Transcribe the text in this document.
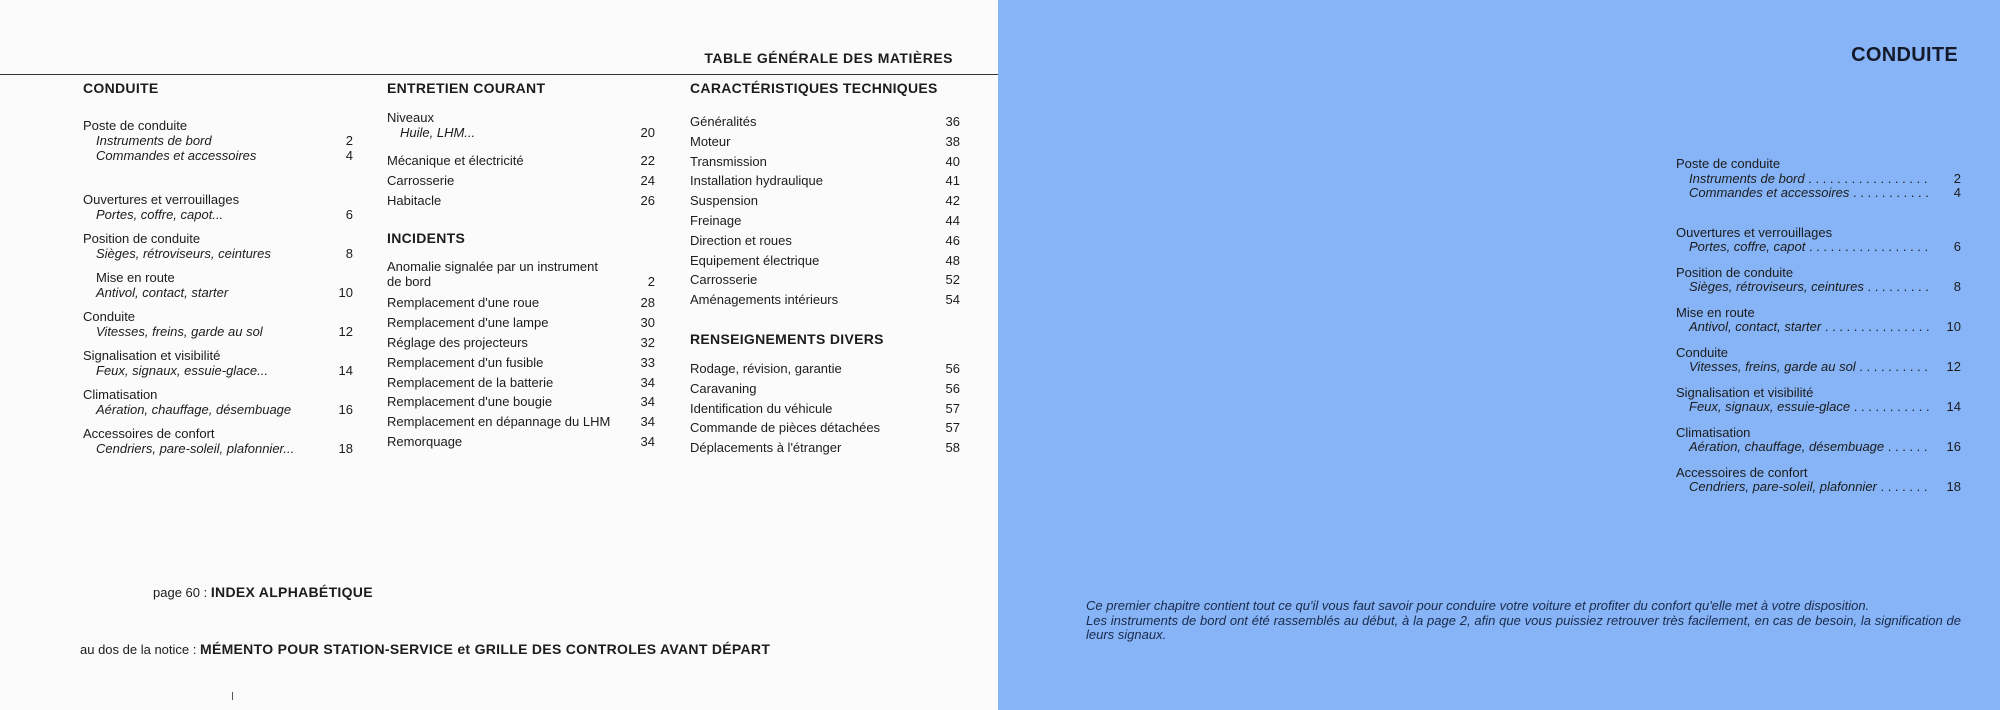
TABLE GÉNÉRALE DES MATIÈRES
CONDUITE
Poste de conduite
Instruments de bord	2
Commandes et accessoires	4
Ouvertures et verrouillages
Portes, coffre, capot...	6
Position de conduite
Sièges, rétroviseurs, ceintures	8
Mise en route
Antivol, contact, starter	10
Conduite
Vitesses, freins, garde au sol	12
Signalisation et visibilité
Feux, signaux, essuie-glace...	14
Climatisation
Aération, chauffage, désembuage	16
Accessoires de confort
Cendriers, pare-soleil, plafonnier...	18
ENTRETIEN COURANT
Niveaux
Huile, LHM...	20
Mécanique et électricité	22
Carrosserie	24
Habitacle	26
INCIDENTS
Anomalie signalée par un instrument
de bord	2
Remplacement d'une roue	28
Remplacement d'une lampe	30
Réglage des projecteurs	32
Remplacement d'un fusible	33
Remplacement de la batterie	34
Remplacement d'une bougie	34
Remplacement en dépannage du LHM	34
Remorquage	34
CARACTÉRISTIQUES TECHNIQUES
Généralités	36
Moteur	38
Transmission	40
Installation hydraulique	41
Suspension	42
Freinage	44
Direction et roues	46
Equipement électrique	48
Carrosserie	52
Aménagements intérieurs	54
RENSEIGNEMENTS DIVERS
Rodage, révision, garantie	56
Caravaning	56
Identification du véhicule	57
Commande de pièces détachées	57
Déplacements à l'étranger	58
page 60 : INDEX ALPHABÉTIQUE
au dos de la notice : MÉMENTO POUR STATION-SERVICE et GRILLE DES CONTROLES AVANT DÉPART
CONDUITE
Poste de conduite
Instruments de bord . . .	2
Commandes et accessoires . . .	4
Ouvertures et verrouillages
Portes, coffre, capot . . .	6
Position de conduite
Sièges, rétroviseurs, ceintures . . .	8
Mise en route
Antivol, contact, starter . . .	10
Conduite
Vitesses, freins, garde au sol . . .	12
Signalisation et visibilité
Feux, signaux, essuie-glace . . .	14
Climatisation
Aération, chauffage, désembuage . . .	16
Accessoires de confort
Cendriers, pare-soleil, plafonnier . . .	18

Ce premier chapitre contient tout ce qu'il vous faut savoir pour conduire votre voiture et profiter du confort qu'elle met à votre disposition.

Les instruments de bord ont été rassemblés au début, à la page 2, afin que vous puissiez retrouver très facilement, en cas de besoin, la signification de leurs signaux.
